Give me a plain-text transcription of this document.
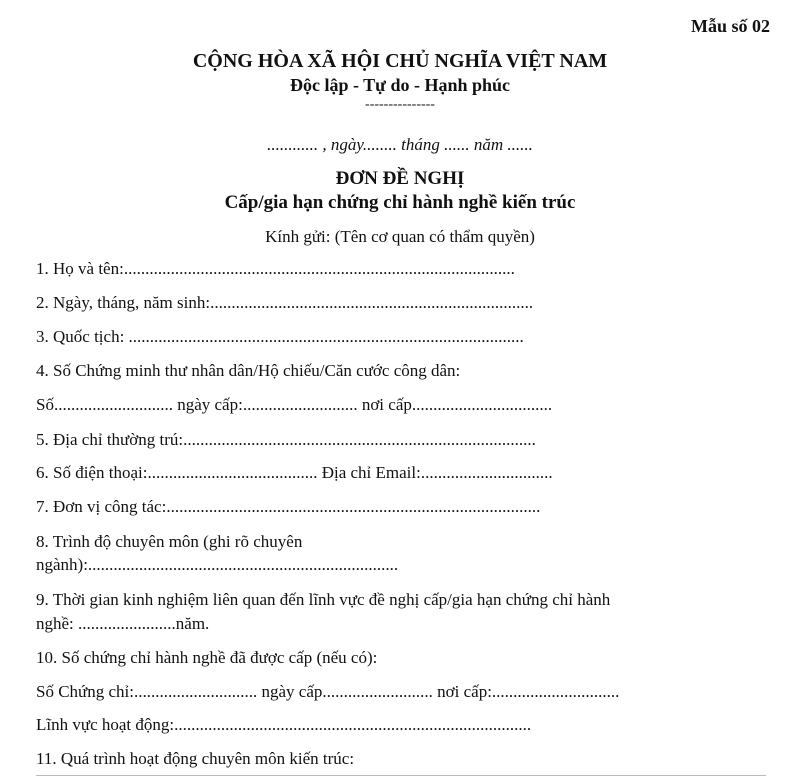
Mẫu số 02
CỘNG HÒA XÃ HỘI CHỦ NGHĨA VIỆT NAM
Độc lập - Tự do - Hạnh phúc
---------------
............ , ngày........ tháng ...... năm ......
ĐƠN ĐỀ NGHỊ
Cấp/gia hạn chứng chỉ hành nghề kiến trúc
Kính gửi: (Tên cơ quan có thẩm quyền)
1. Họ và tên:............................................................................................
2. Ngày, tháng, năm sinh:............................................................................
3. Quốc tịch: .............................................................................................
4. Số Chứng minh thư nhân dân/Hộ chiếu/Căn cước công dân:
Số............................ ngày cấp:........................... nơi cấp.................................
5. Địa chỉ thường trú:...................................................................................
6. Số điện thoại:........................................ Địa chỉ Email:...............................
7. Đơn vị công tác:........................................................................................
8. Trình độ chuyên môn (ghi rõ chuyên
ngành):.........................................................................
9. Thời gian kinh nghiệm liên quan đến lĩnh vực đề nghị cấp/gia hạn chứng chỉ hành
nghề: .......................năm.
10. Số chứng chỉ hành nghề đã được cấp (nếu có):
Số Chứng chỉ:............................. ngày cấp.......................... nơi cấp:..............................
Lĩnh vực hoạt động:....................................................................................
11. Quá trình hoạt động chuyên môn kiến trúc:
